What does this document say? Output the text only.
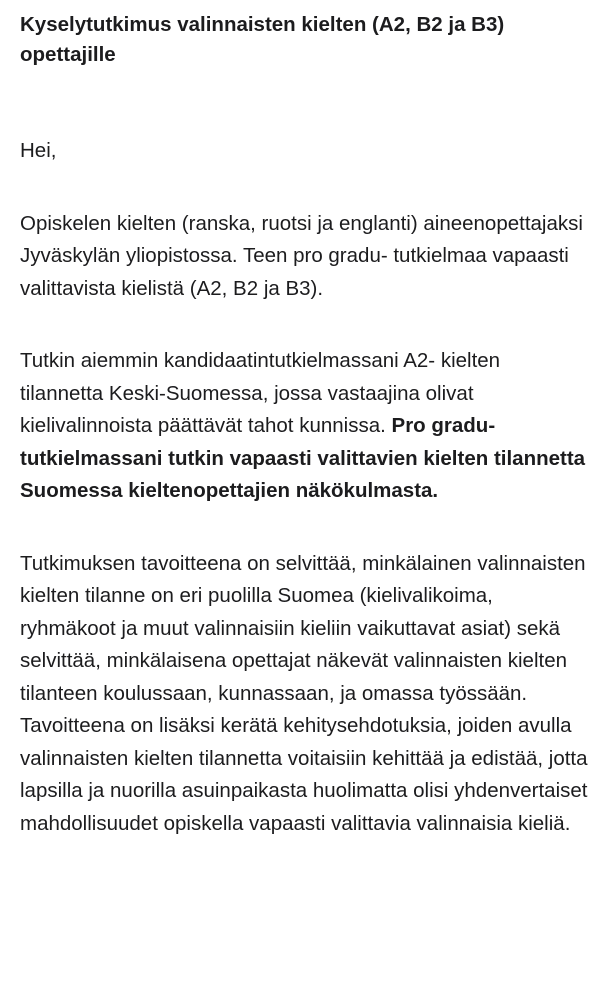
Kyselytutkimus valinnaisten kielten (A2, B2 ja B3) opettajille

Hei,

Opiskelen kielten (ranska, ruotsi ja englanti) aineenopettajaksi Jyväskylän yliopistossa. Teen pro gradu- tutkielmaa vapaasti valittavista kielistä (A2, B2 ja B3).

Tutkin aiemmin kandidaatintutkielmassani A2- kielten tilannetta Keski-Suomessa, jossa vastaajina olivat kielivalinnoista päättävät tahot kunnissa. Pro gradu- tutkielmassani tutkin vapaasti valittavien kielten tilannetta Suomessa kieltenopettajien näkökulmasta.

Tutkimuksen tavoitteena on selvittää, minkälainen valinnaisten kielten tilanne on eri puolilla Suomea (kielivalikoima, ryhmäkoot ja muut valinnaisiin kieliin vaikuttavat asiat) sekä selvittää, minkälaisena opettajat näkevät valinnaisten kielten tilanteen koulussaan, kunnassaan, ja omassa työssään. Tavoitteena on lisäksi kerätä kehitysehdotuksia, joiden avulla valinnaisten kielten tilannetta voitaisiin kehittää ja edistää, jotta lapsilla ja nuorilla asuinpaikasta huolimatta olisi yhdenvertaiset mahdollisuudet opiskella vapaasti valittavia valinnaisia kieliä.
